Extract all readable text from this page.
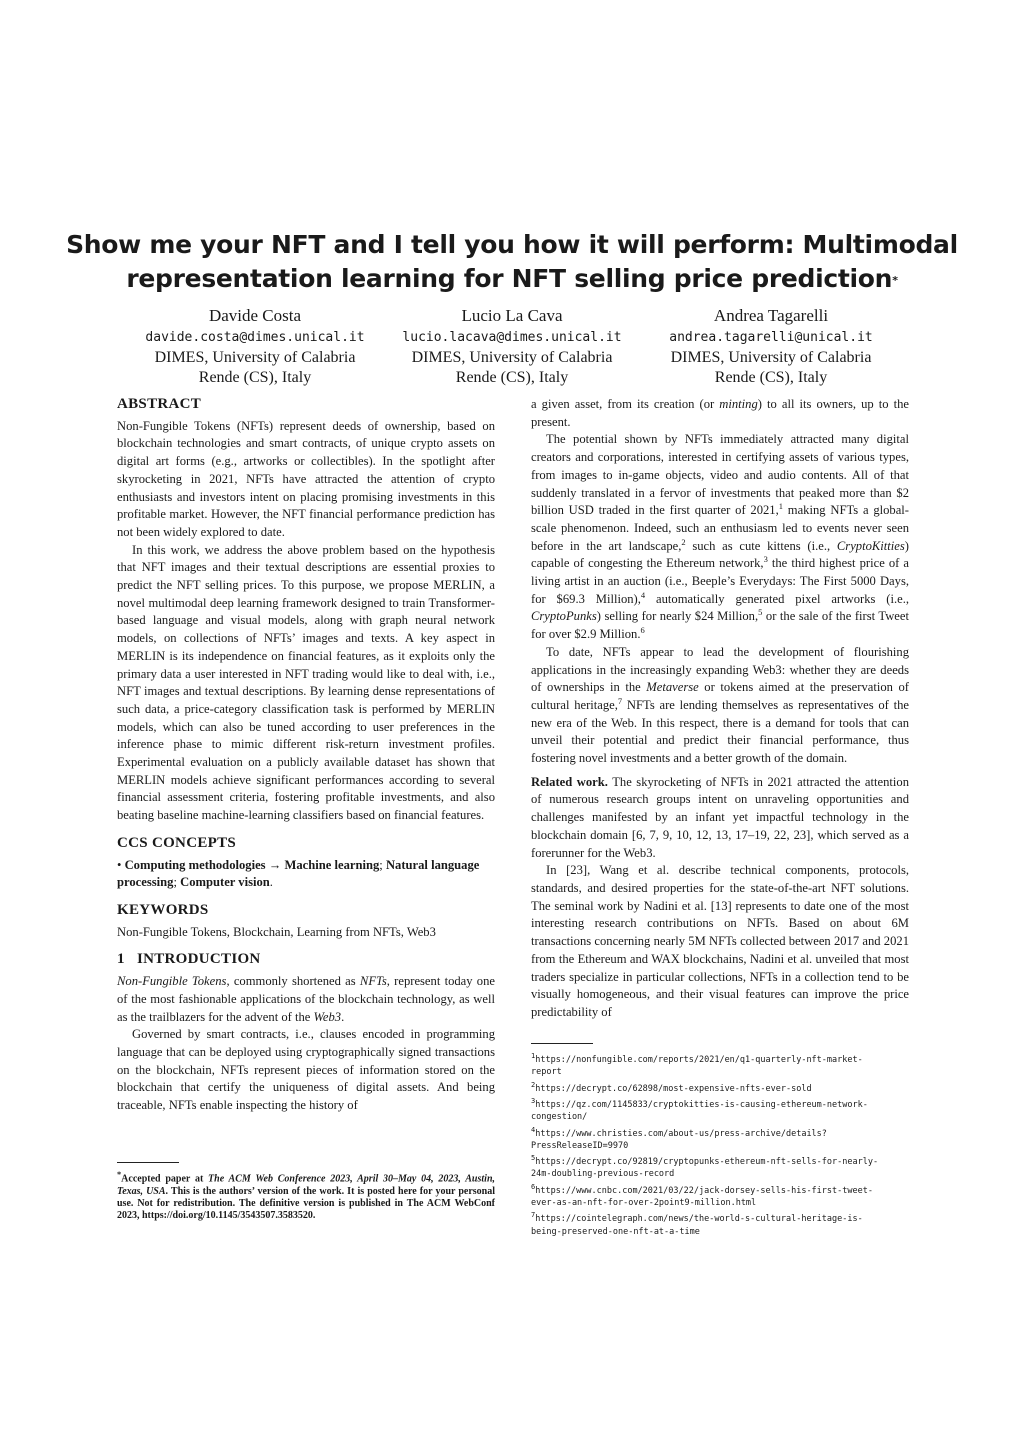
Show me your NFT and I tell you how it will perform: Multimodal representation learning for NFT selling price prediction*
Davide Costa
davide.costa@dimes.unical.it
DIMES, University of Calabria
Rende (CS), Italy
Lucio La Cava
lucio.lacava@dimes.unical.it
DIMES, University of Calabria
Rende (CS), Italy
Andrea Tagarelli
andrea.tagarelli@unical.it
DIMES, University of Calabria
Rende (CS), Italy
ABSTRACT

Non-Fungible Tokens (NFTs) represent deeds of ownership, based on blockchain technologies and smart contracts, of unique crypto assets on digital art forms (e.g., artworks or collectibles). In the spotlight after skyrocketing in 2021, NFTs have attracted the attention of crypto enthusiasts and investors intent on placing promising investments in this profitable market. However, the NFT financial performance prediction has not been widely explored to date.

In this work, we address the above problem based on the hypothesis that NFT images and their textual descriptions are essential proxies to predict the NFT selling prices. To this purpose, we propose MERLIN, a novel multimodal deep learning framework designed to train Transformer-based language and visual models, along with graph neural network models, on collections of NFTs’ images and texts. A key aspect in MERLIN is its independence on financial features, as it exploits only the primary data a user interested in NFT trading would like to deal with, i.e., NFT images and textual descriptions. By learning dense representations of such data, a price-category classification task is performed by MERLIN models, which can also be tuned according to user preferences in the inference phase to mimic different risk-return investment profiles. Experimental evaluation on a publicly available dataset has shown that MERLIN models achieve significant performances according to several financial assessment criteria, fostering profitable investments, and also beating baseline machine-learning classifiers based on financial features.

CCS CONCEPTS

• Computing methodologies → Machine learning; Natural language processing; Computer vision.

KEYWORDS

Non-Fungible Tokens, Blockchain, Learning from NFTs, Web3

1   INTRODUCTION

Non-Fungible Tokens, commonly shortened as NFTs, represent today one of the most fashionable applications of the blockchain technology, as well as the trailblazers for the advent of the Web3.

Governed by smart contracts, i.e., clauses encoded in programming language that can be deployed using cryptographically signed transactions on the blockchain, NFTs represent pieces of information stored on the blockchain that certify the uniqueness of digital assets. And being traceable, NFTs enable inspecting the history of

*Accepted paper at The ACM Web Conference 2023, April 30–May 04, 2023, Austin, Texas, USA. This is the authors’ version of the work. It is posted here for your personal use. Not for redistribution. The definitive version is published in The ACM WebConf 2023, https://doi.org/10.1145/3543507.3583520.

a given asset, from its creation (or minting) to all its owners, up to the present.

The potential shown by NFTs immediately attracted many digital creators and corporations, interested in certifying assets of various types, from images to in-game objects, video and audio contents. All of that suddenly translated in a fervor of investments that peaked more than $2 billion USD traded in the first quarter of 2021,$^1$ making NFTs a global-scale phenomenon. Indeed, such an enthusiasm led to events never seen before in the art landscape,$^2$ such as cute kittens (i.e., CryptoKitties) capable of congesting the Ethereum network,$^3$ the third highest price of a living artist in an auction (i.e., Beeple’s Everydays: The First 5000 Days, for $69.3 Million),$^4$ automatically generated pixel artworks (i.e., CryptoPunks) selling for nearly $24 Million,$^5$ or the sale of the first Tweet for over $2.9 Million.$^6$

To date, NFTs appear to lead the development of flourishing applications in the increasingly expanding Web3: whether they are deeds of ownerships in the Metaverse or tokens aimed at the preservation of cultural heritage,$^7$ NFTs are lending themselves as representatives of the new era of the Web. In this respect, there is a demand for tools that can unveil their potential and predict their financial performance, thus fostering novel investments and a better growth of the domain.

Related work. The skyrocketing of NFTs in 2021 attracted the attention of numerous research groups intent on unraveling opportunities and challenges manifested by an infant yet impactful technology in the blockchain domain [6, 7, 9, 10, 12, 13, 17–19, 22, 23], which served as a forerunner for the Web3.

In [23], Wang et al. describe technical components, protocols, standards, and desired properties for the state-of-the-art NFT solutions. The seminal work by Nadini et al. [13] represents to date one of the most interesting research contributions on NFTs. Based on about 6M transactions concerning nearly 5M NFTs collected between 2017 and 2021 from the Ethereum and WAX blockchains, Nadini et al. unveiled that most traders specialize in particular collections, NFTs in a collection tend to be visually homogeneous, and their visual features can improve the price predictability of

$^1$https://nonfungible.com/reports/2021/en/q1-quarterly-nft-market-
report
$^2$https://decrypt.co/62898/most-expensive-nfts-ever-sold
$^3$https://qz.com/1145833/cryptokitties-is-causing-ethereum-network-
congestion/
$^4$https://www.christies.com/about-us/press-archive/details?
PressReleaseID=9970
$^5$https://decrypt.co/92819/cryptopunks-ethereum-nft-sells-for-nearly-
24m-doubling-previous-record
$^6$https://www.cnbc.com/2021/03/22/jack-dorsey-sells-his-first-tweet-
ever-as-an-nft-for-over-2point9-million.html
$^7$https://cointelegraph.com/news/the-world-s-cultural-heritage-is-
being-preserved-one-nft-at-a-time
